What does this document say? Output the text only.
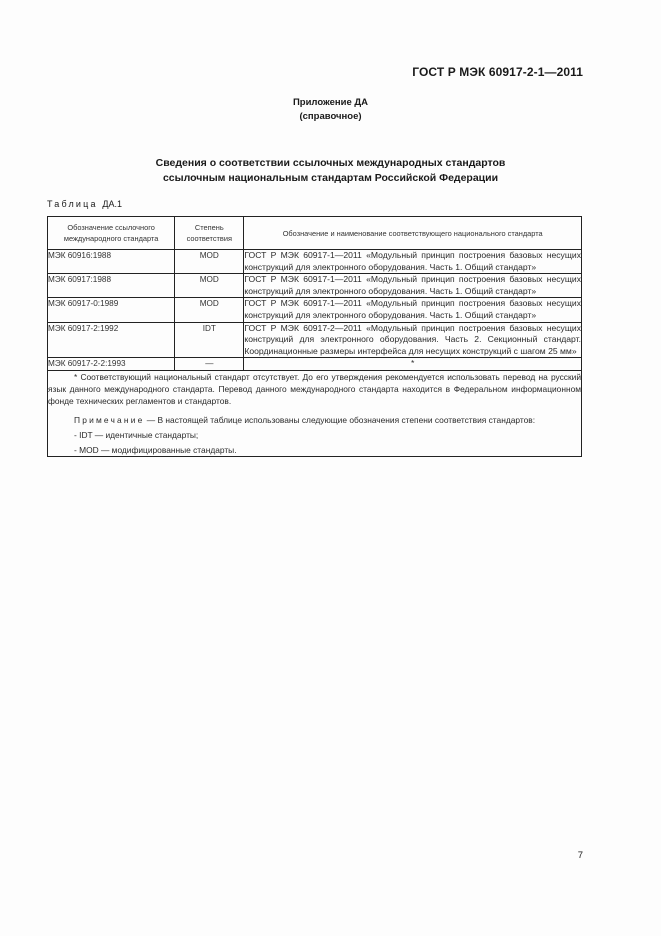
ГОСТ Р МЭК 60917-2-1—2011
Приложение ДА
(справочное)
Сведения о соответствии ссылочных международных стандартов
ссылочным национальным стандартам Российской Федерации
Таблица ДА.1
Обозначение ссылочного международного стандарта	Степень соответствия	Обозначение и наименование соответствующего национального стандарта
МЭК 60916:1988	MOD	ГОСТ Р МЭК 60917-1—2011 «Модульный принцип построения базовых несущих конструкций для электронного оборудования. Часть 1. Общий стандарт»
МЭК 60917:1988	MOD	ГОСТ Р МЭК 60917-1—2011 «Модульный принцип построения базовых несущих конструкций для электронного оборудования. Часть 1. Общий стандарт»
МЭК 60917-0:1989	MOD	ГОСТ Р МЭК 60917-1—2011 «Модульный принцип построения базовых несущих конструкций для электронного оборудования. Часть 1. Общий стандарт»
МЭК 60917-2:1992	IDT	ГОСТ Р МЭК 60917-2—2011 «Модульный принцип построения базовых несущих конструкций для электронного оборудования. Часть 2. Секционный стандарт. Координационные размеры интерфейса для несущих конструкций с шагом 25 мм»
МЭК 60917-2-2:1993	—	*

* Соответствующий национальный стандарт отсутствует. До его утверждения рекомендуется использовать перевод на русский язык данного международного стандарта. Перевод данного международного стандарта находится в Федеральном информационном фонде технических регламентов и стандартов.

Примечание — В настоящей таблице использованы следующие обозначения степени соответствия стандартов:

- IDT — идентичные стандарты;

- MOD — модифицированные стандарты.		

7
